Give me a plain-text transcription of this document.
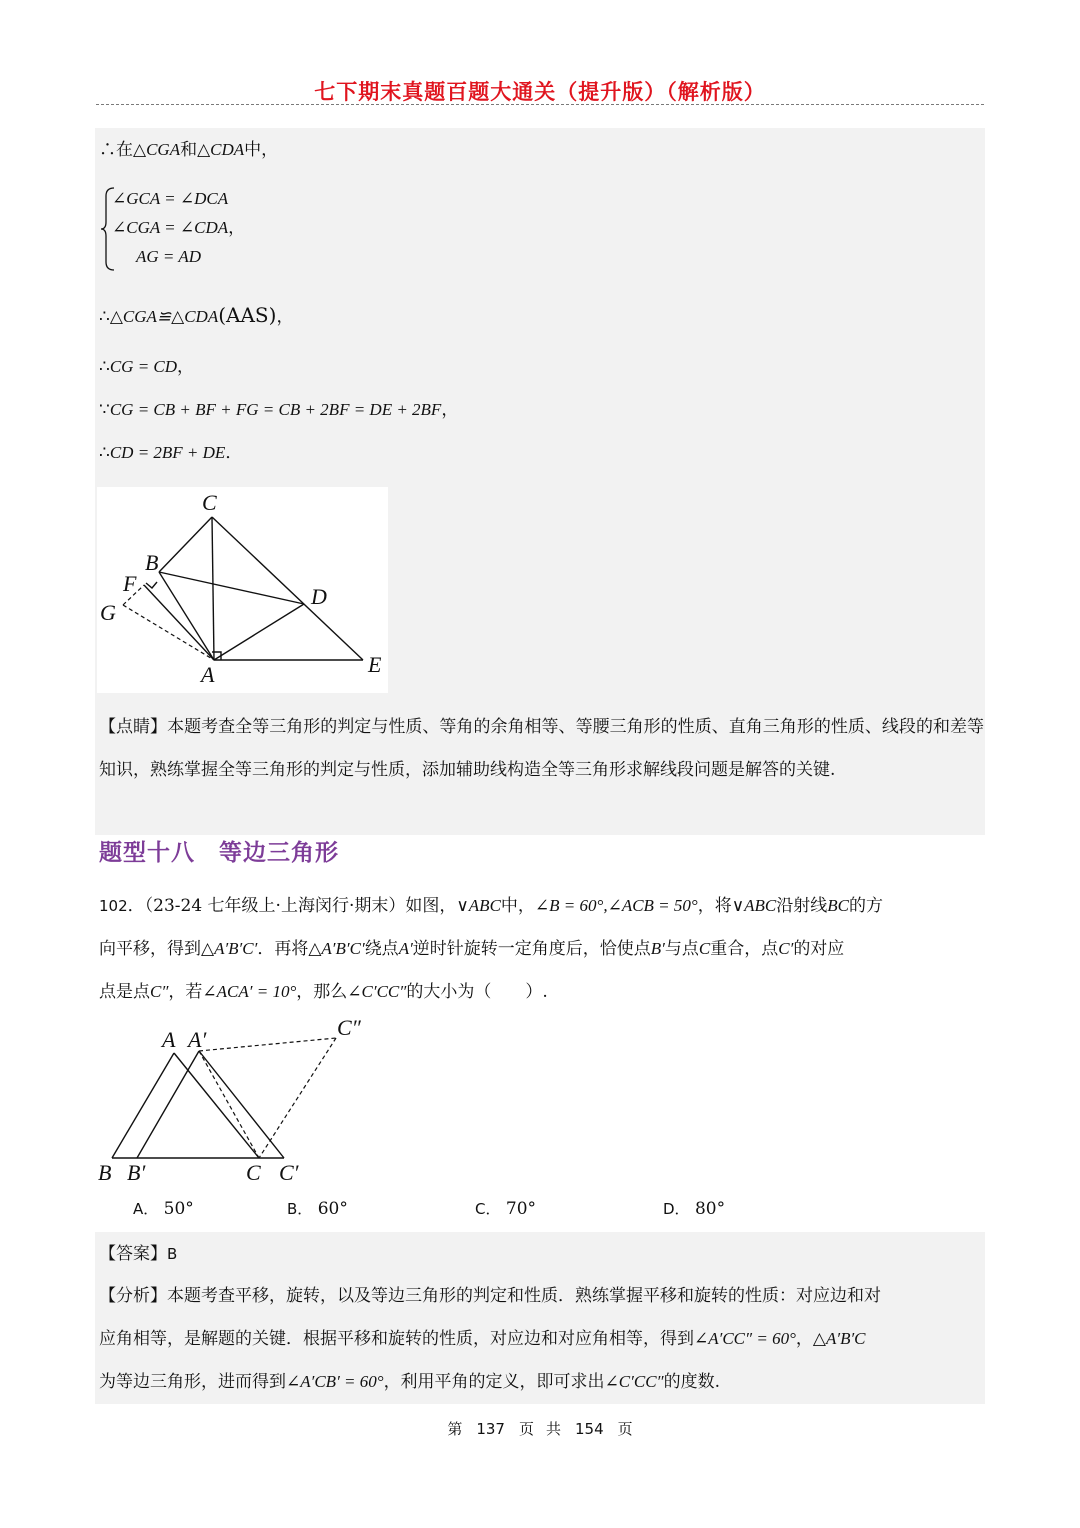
七下期末真题百题大通关（提升版）（解析版）
∴在△CGA和△CDA中，
∠GCA = ∠DCA
∠CGA = ∠CDA，
AG = AD
∴△CGA≌△CDA(AAS)，
∴CG = CD，
∵CG = CB + BF + FG = CB + 2BF = DE + 2BF，
∴CD = 2BF + DE．
C
B
F
G
D
A	E
【点睛】本题考查全等三角形的判定与性质、等角的余角相等、等腰三角形的性质、直角三角形的性质、线段的和差等知识，熟练掌握全等三角形的判定与性质，添加辅助线构造全等三角形求解线段问题是解答的关键.
题型十八 等边三角形
102．（23-24 七年级上·上海闵行·期末）如图，∨ABC中，∠B = 60°,∠ACB = 50°，将∨ABC沿射线BC的方
向平移，得到△A′B′C′．再将△A′B′C′绕点A′逆时针旋转一定角度后，恰使点B′与点C重合，点C′的对应
点是点C″，若∠ACA′ = 10°，那么∠C′CC″的大小为（　　）.
A A′	C″
B B′	C C′
A． 50°	B． 60°	C． 70°	D． 80°
【答案】B
【分析】本题考查平移，旋转，以及等边三角形的判定和性质．熟练掌握平移和旋转的性质：对应边和对
应角相等，是解题的关键．根据平移和旋转的性质，对应边和对应角相等，得到∠A′CC″ = 60°，△A′B′C
为等边三角形，进而得到∠A′CB′ = 60°，利用平角的定义，即可求出∠C′CC″的度数.
第 137 页 共 154 页
